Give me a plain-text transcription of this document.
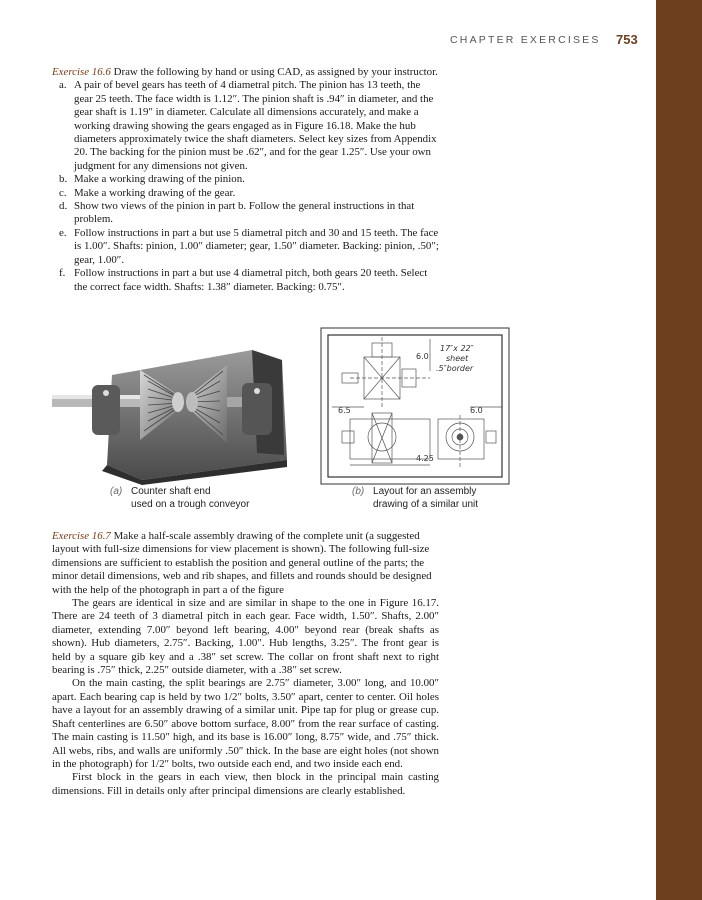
CHAPTER EXERCISES 753

Exercise 16.6 Draw the following by hand or using CAD, as assigned by your instructor.

a. A pair of bevel gears has teeth of 4 diametral pitch. The pinion has 13 teeth, the gear 25 teeth. The face width is 1.12″. The pinion shaft is .94″ in diameter, and the gear shaft is 1.19″ in diameter. Calculate all dimensions accurately, and make a working drawing showing the gears engaged as in Figure 16.18. Make the hub diameters approximately twice the shaft diameters. Select key sizes from Appendix 20. The backing for the pinion must be .62″, and for the gear 1.25″. Use your own judgment for any dimensions not given.
b. Make a working drawing of the pinion.
c. Make a working drawing of the gear.
d. Show two views of the pinion in part b. Follow the general instructions in that problem.
e. Follow instructions in part a but use 5 diametral pitch and 30 and 15 teeth. The face is 1.00″. Shafts: pinion, 1.00″ diameter; gear, 1.50″ diameter. Backing: pinion, .50″; gear, 1.00″.
f. Follow instructions in part a but use 4 diametral pitch, both gears 20 teeth. Select the correct face width. Shafts: 1.38″ diameter. Backing: 0.75″.
(a) Counter shaft end
used on a trough conveyor
17″x 22″
sheet
.5″border
6.0
6.5	6.0
4.25
(b) Layout for an assembly
drawing of a similar unit

Exercise 16.7 Make a half-scale assembly drawing of the complete unit (a suggested layout with full-size dimensions for view placement is shown). The following full-size dimensions are sufficient to establish the position and general outline of the parts; the minor detail dimensions, web and rib shapes, and fillets and rounds should be designed with the help of the photograph in part a of the figure

The gears are identical in size and are similar in shape to the one in Figure 16.17. There are 24 teeth of 3 diametral pitch in each gear. Face width, 1.50″. Shafts, 2.00″ diameter, extending 7.00″ beyond left bearing, 4.00″ beyond rear (break shafts as shown). Hub diameters, 2.75″. Backing, 1.00″. Hub lengths, 3.25″. The front gear is held by a square gib key and a .38″ set screw. The collar on front shaft next to right bearing is .75″ thick, 2.25″ outside diameter, with a .38″ set screw.

On the main casting, the split bearings are 2.75″ diameter, 3.00″ long, and 10.00″ apart. Each bearing cap is held by two 1/2″ bolts, 3.50″ apart, center to center. Oil holes have a layout for an assembly drawing of a similar unit. Pipe tap for plug or grease cup. Shaft centerlines are 6.50″ above bottom surface, 8.00″ from the rear surface of casting. The main casting is 11.50″ high, and its base is 16.00″ long, 8.75″ wide, and .75″ thick. All webs, ribs, and walls are uniformly .50″ thick. In the base are eight holes (not shown in the photograph) for 1/2″ bolts, two outside each end, and two inside each end.

First block in the gears in each view, then block in the principal main casting dimensions. Fill in details only after principal dimensions are clearly established.
